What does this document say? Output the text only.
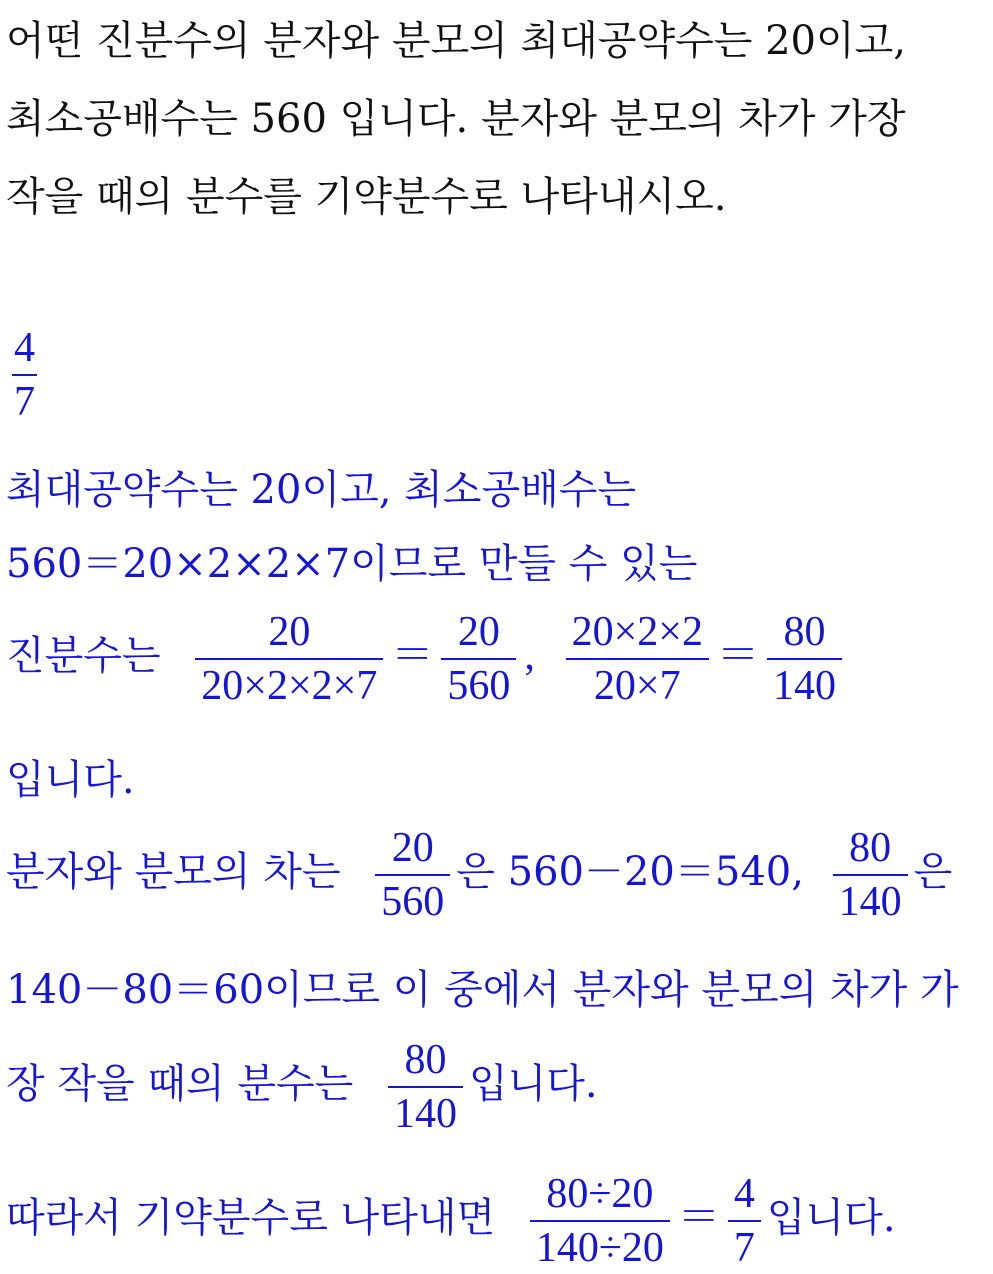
어떤 진분수의 분자와 분모의 최대공약수는 20이고,
최소공배수는 560 입니다. 분자와 분모의 차가 가장
작을 때의 분수를 기약분수로 나타내시오.
$\frac{4}{7}$
최대공약수는 20이고, 최소공배수는
560＝20×2×2×7이므로 만들 수 있는
진분수는 $\frac{20}{20\times 2\times 2\times 7} = \frac{20}{560}$ , $\frac{20\times 2\times 2}{20\times 7} = \frac{80}{140}$
입니다.
분자와 분모의 차는 $\frac{20}{560}$ 은 560－20＝540, $\frac{80}{140}$ 은
140－80＝60이므로 이 중에서 분자와 분모의 차가 가
장 작을 때의 분수는 $\frac{80}{140}$ 입니다.
따라서 기약분수로 나타내면 $\frac{80\div 20}{140\div 20} = \frac{4}{7}$ 입니다.
